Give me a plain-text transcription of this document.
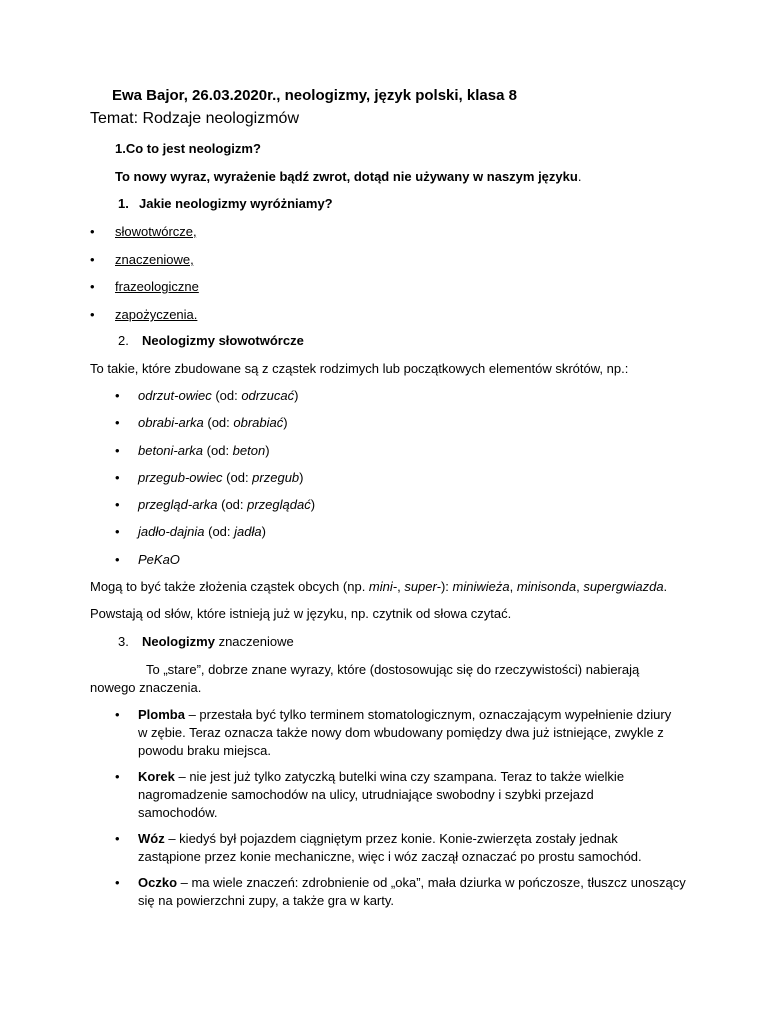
Ewa Bajor, 26.03.2020r., neologizmy, język polski, klasa 8
Temat: Rodzaje neologizmów
1.Co to jest neologizm?
To nowy wyraz, wyrażenie bądź zwrot, dotąd nie używany w naszym języku.
1. Jakie neologizmy wyróżniamy?
• słowotwórcze,
• znaczeniowe,
• frazeologiczne
• zapożyczenia.
2. Neologizmy słowotwórcze
To takie, które zbudowane są z cząstek rodzimych lub początkowych elementów skrótów, np.:
• odrzut-owiec (od: odrzucać)
• obrabi-arka (od: obrabiać)
• betoni-arka (od: beton)
• przegub-owiec (od: przegub)
• przegląd-arka (od: przeglądać)
• jadło-dajnia (od: jadła)
• PeKaO
Mogą to być także złożenia cząstek obcych (np. mini-, super-): miniwieża, minisonda, supergwiazda.
Powstają od słów, które istnieją już w języku, np. czytnik od słowa czytać.
3. Neologizmy znaczeniowe
To „stare”, dobrze znane wyrazy, które (dostosowując się do rzeczywistości) nabierają
nowego znaczenia.
• Plomba – przestała być tylko terminem stomatologicznym, oznaczającym wypełnienie dziury
w zębie. Teraz oznacza także nowy dom wbudowany pomiędzy dwa już istniejące, zwykle z
powodu braku miejsca.
• Korek – nie jest już tylko zatyczką butelki wina czy szampana. Teraz to także wielkie
nagromadzenie samochodów na ulicy, utrudniające swobodny i szybki przejazd
samochodów.
• Wóz – kiedyś był pojazdem ciągniętym przez konie. Konie-zwierzęta zostały jednak
zastąpione przez konie mechaniczne, więc i wóz zaczął oznaczać po prostu samochód.
• Oczko – ma wiele znaczeń: zdrobnienie od „oka”, mała dziurka w pończosze, tłuszcz unoszący
się na powierzchni zupy, a także gra w karty.
